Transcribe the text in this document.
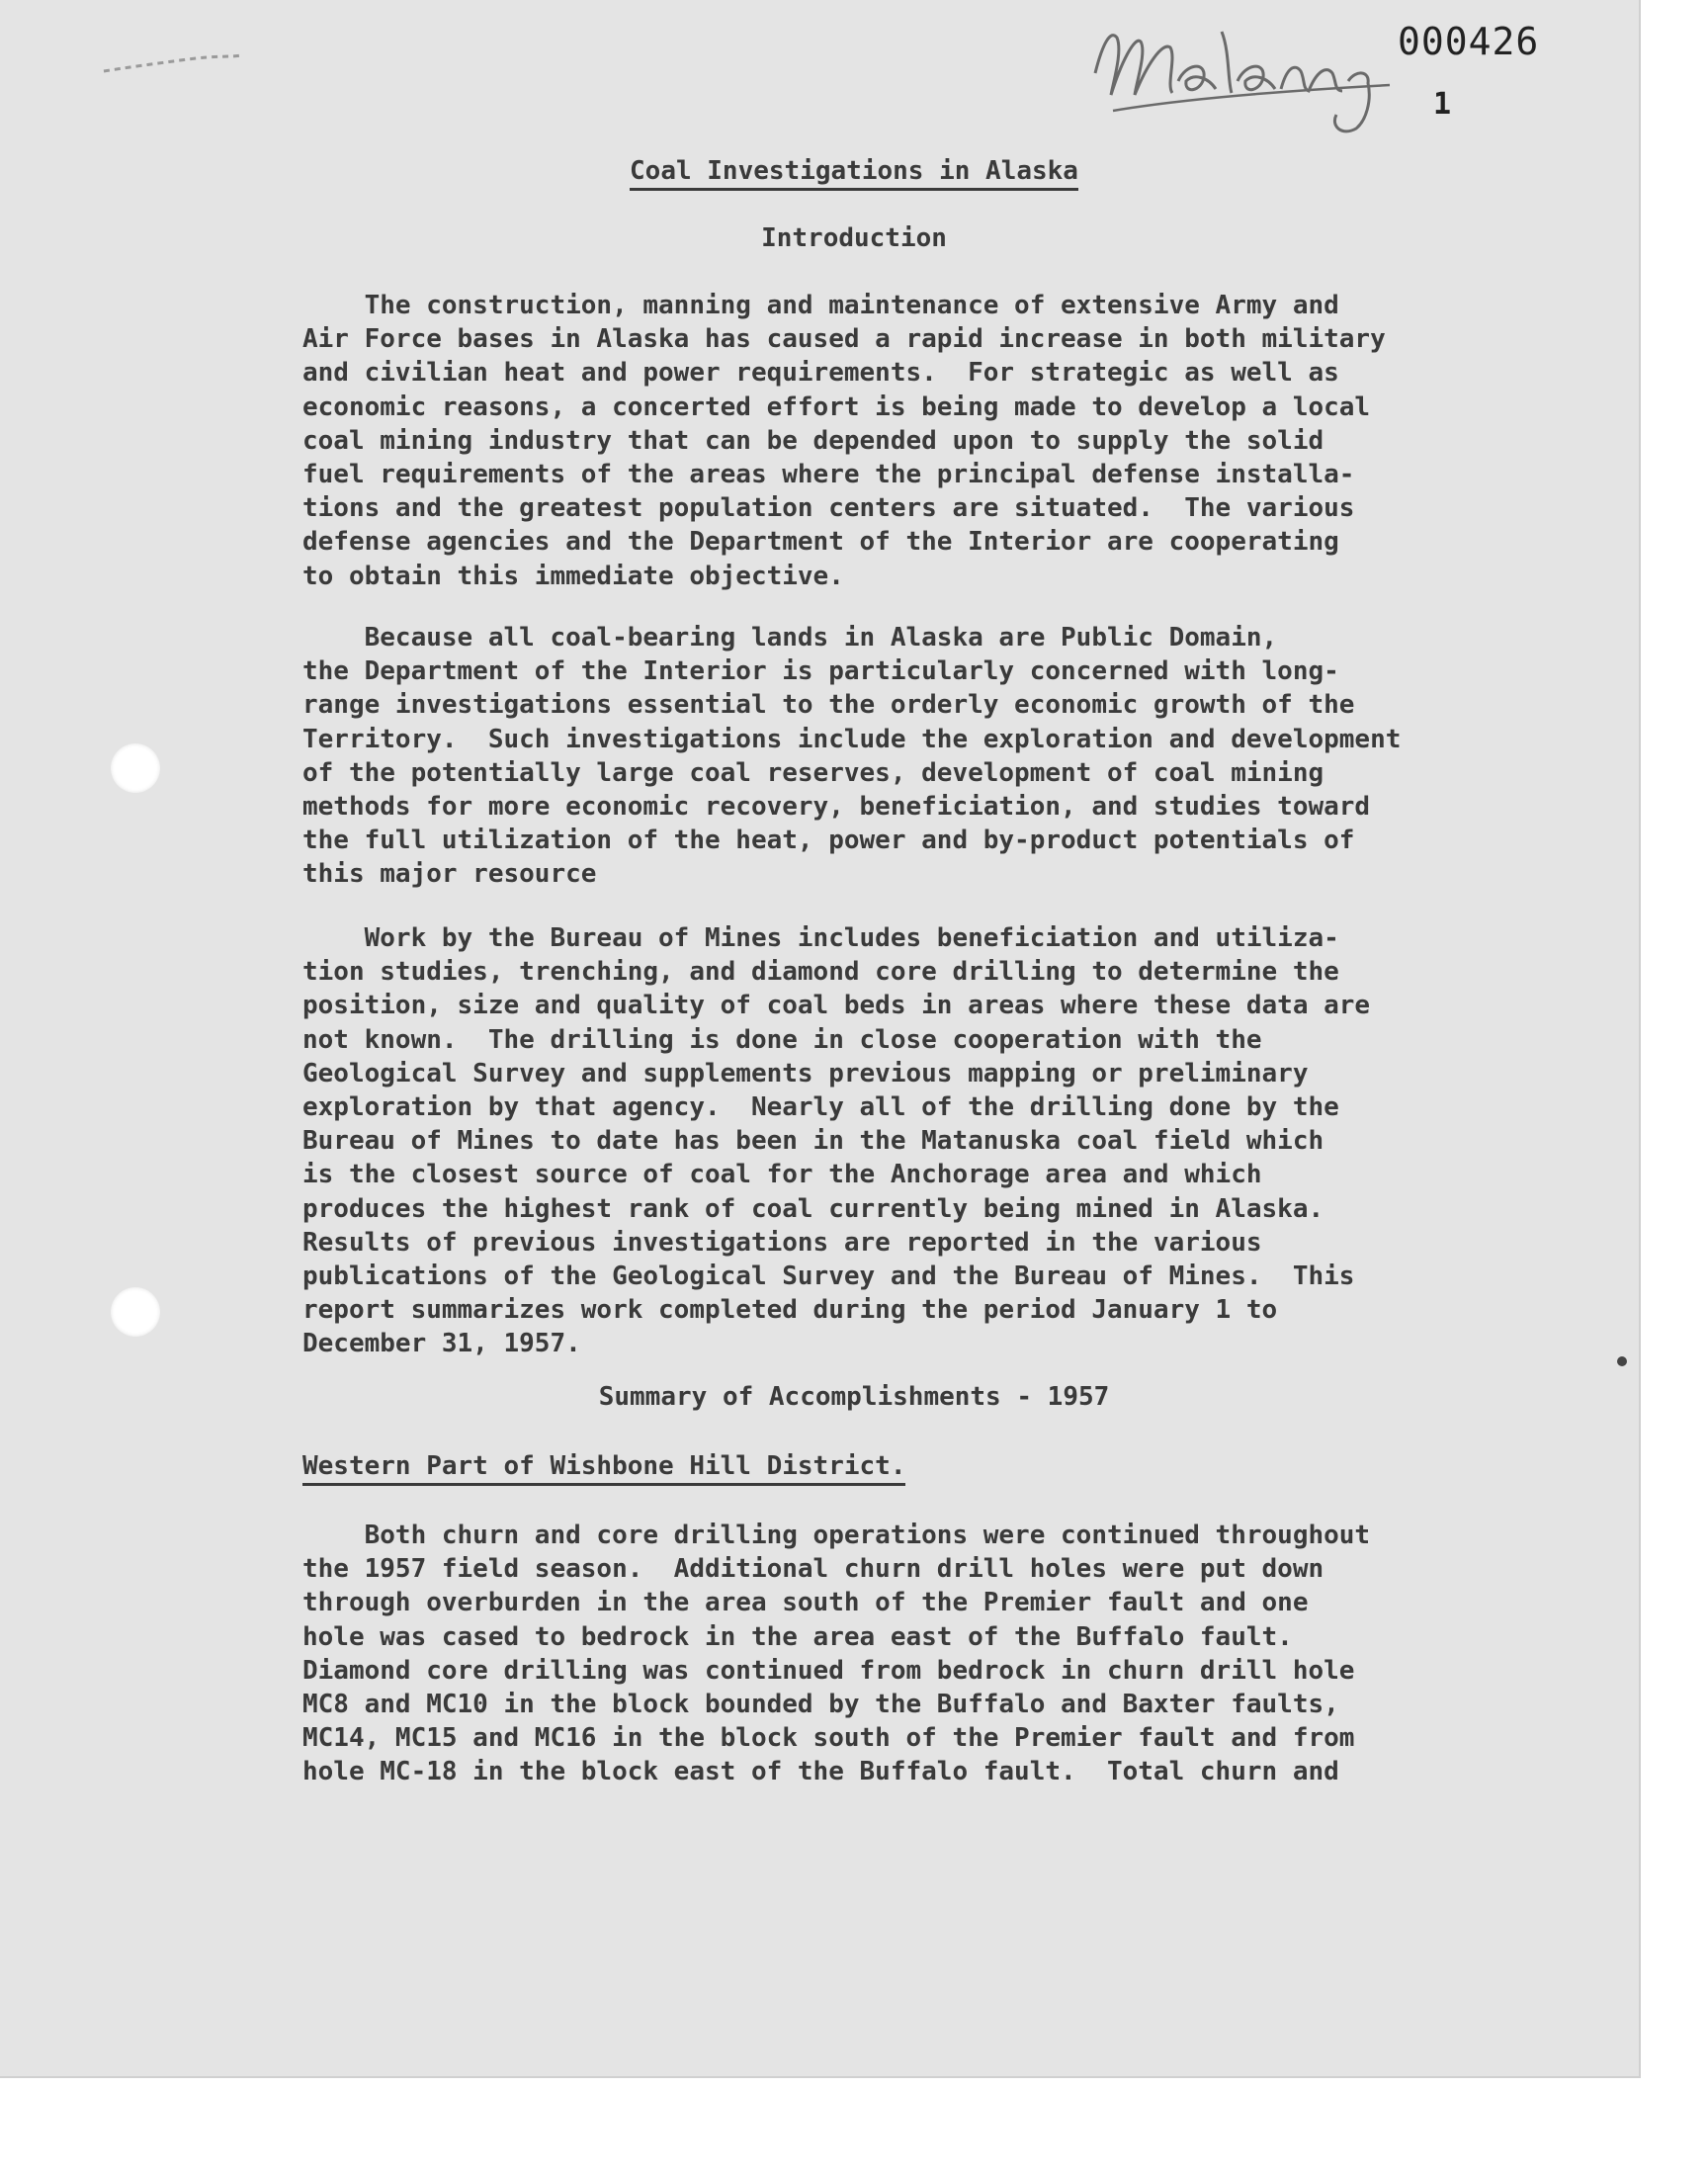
000426
1
Coal Investigations in Alaska
Introduction
The construction, manning and maintenance of extensive Army and
Air Force bases in Alaska has caused a rapid increase in both military
and civilian heat and power requirements.  For strategic as well as
economic reasons, a concerted effort is being made to develop a local
coal mining industry that can be depended upon to supply the solid
fuel requirements of the areas where the principal defense installa-
tions and the greatest population centers are situated.  The various
defense agencies and the Department of the Interior are cooperating
to obtain this immediate objective.
Because all coal-bearing lands in Alaska are Public Domain,
the Department of the Interior is particularly concerned with long-
range investigations essential to the orderly economic growth of the
Territory.  Such investigations include the exploration and development
of the potentially large coal reserves, development of coal mining
methods for more economic recovery, beneficiation, and studies toward
the full utilization of the heat, power and by-product potentials of
this major resource
Work by the Bureau of Mines includes beneficiation and utiliza-
tion studies, trenching, and diamond core drilling to determine the
position, size and quality of coal beds in areas where these data are
not known.  The drilling is done in close cooperation with the
Geological Survey and supplements previous mapping or preliminary
exploration by that agency.  Nearly all of the drilling done by the
Bureau of Mines to date has been in the Matanuska coal field which
is the closest source of coal for the Anchorage area and which
produces the highest rank of coal currently being mined in Alaska.
Results of previous investigations are reported in the various
publications of the Geological Survey and the Bureau of Mines.  This
report summarizes work completed during the period January 1 to
December 31, 1957.
Summary of Accomplishments - 1957
Western Part of Wishbone Hill District.
Both churn and core drilling operations were continued throughout
the 1957 field season.  Additional churn drill holes were put down
through overburden in the area south of the Premier fault and one
hole was cased to bedrock in the area east of the Buffalo fault.
Diamond core drilling was continued from bedrock in churn drill hole
MC8 and MC10 in the block bounded by the Buffalo and Baxter faults,
MC14, MC15 and MC16 in the block south of the Premier fault and from
hole MC-18 in the block east of the Buffalo fault.  Total churn and
